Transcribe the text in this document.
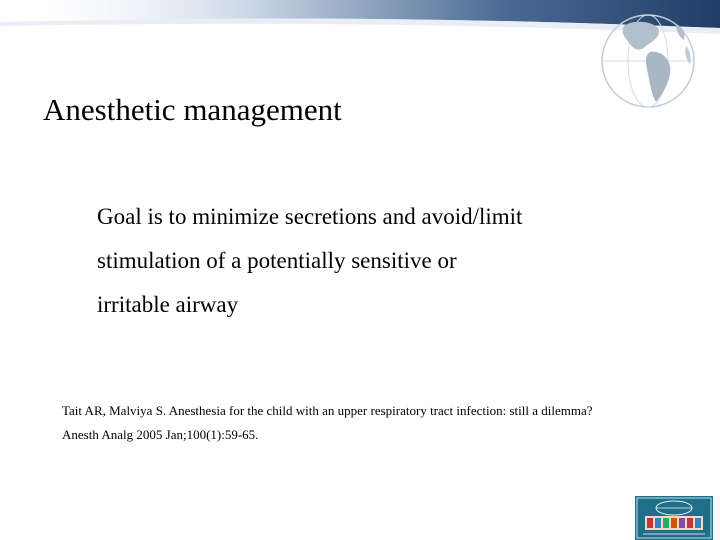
Anesthetic management
Goal is to minimize secretions and avoid/limit
stimulation of a potentially sensitive or
irritable airway
Tait AR, Malviya S. Anesthesia for the child with an upper respiratory tract infection: still a dilemma?
Anesth Analg 2005 Jan;100(1):59-65.
